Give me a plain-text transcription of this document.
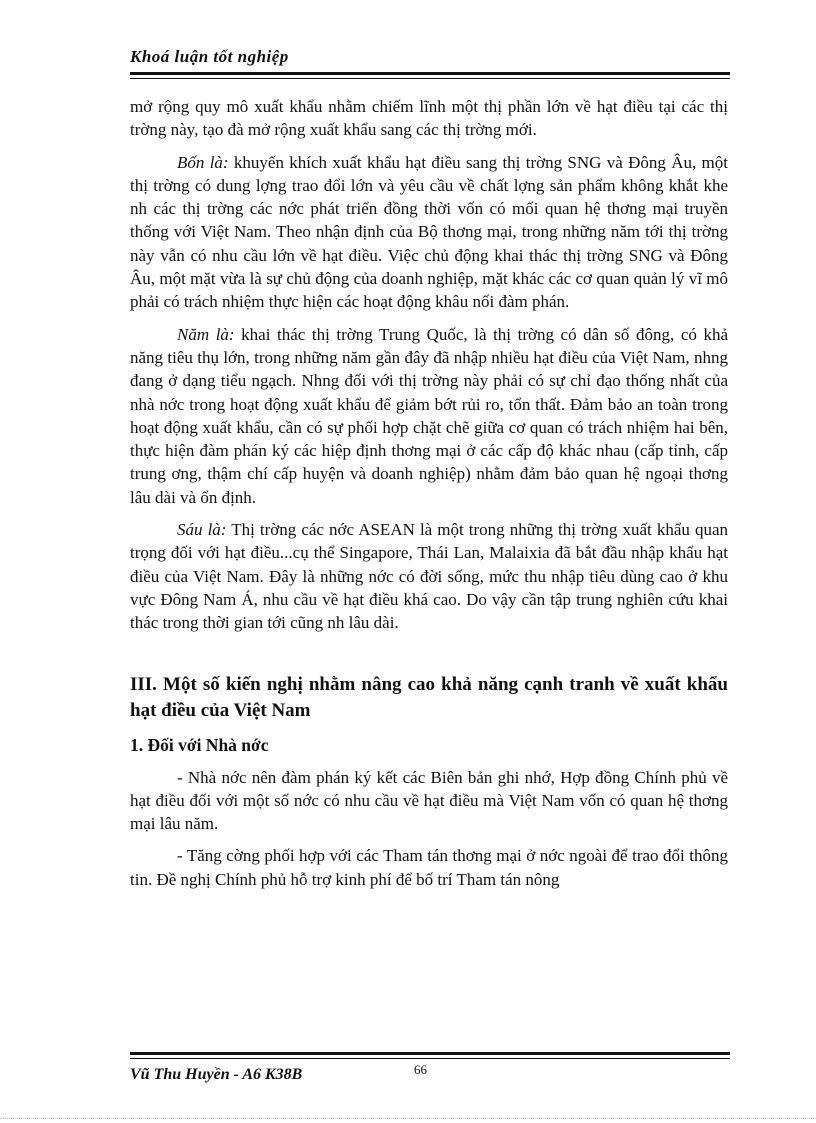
Khoá luận tốt nghiệp

mở rộng quy mô xuất khẩu nhằm chiếm lĩnh một thị phần lớn về hạt điều tại các thị trờng này, tạo đà mở rộng xuất khẩu sang các thị trờng mới.

Bốn là: khuyến khích xuất khẩu hạt điều sang thị trờng SNG và Đông Âu, một thị trờng có dung lợng trao đổi lớn và yêu cầu về chất lợng sản phẩm không khắt khe nh các thị trờng các nớc phát triển đồng thời vốn có mối quan hệ thơng mại truyền thống với Việt Nam. Theo nhận định của Bộ thơng mại, trong những năm tới thị trờng này vẫn có nhu cầu lớn về hạt điều. Việc chủ động khai thác thị trờng SNG và Đông Âu, một mặt vừa là sự chủ động của doanh nghiệp, mặt khác các cơ quan quản lý vĩ mô phải có trách nhiệm thực hiện các hoạt động khâu nối đàm phán.

Năm là: khai thác thị trờng Trung Quốc, là thị trờng có dân số đông, có khả năng tiêu thụ lớn, trong những năm gần đây đã nhập nhiều hạt điều của Việt Nam, nhng đang ở dạng tiểu ngạch. Nhng đối với thị trờng này phải có sự chỉ đạo thống nhất của nhà nớc trong hoạt động xuất khẩu để giảm bớt rủi ro, tổn thất. Đảm bảo an toàn trong hoạt động xuất khẩu, cần có sự phối hợp chặt chẽ giữa cơ quan có trách nhiệm hai bên, thực hiện đàm phán ký các hiệp định thơng mại ở các cấp độ khác nhau (cấp tỉnh, cấp trung ơng, thậm chí cấp huyện và doanh nghiệp) nhằm đảm bảo quan hệ ngoại thơng lâu dài và ổn định.

Sáu là: Thị trờng các nớc ASEAN là một trong những thị trờng xuất khẩu quan trọng đối với hạt điều...cụ thể Singapore, Thái Lan, Malaixia đã bắt đầu nhập khẩu hạt điều của Việt Nam. Đây là những nớc có đời sống, mức thu nhập tiêu dùng cao ở khu vực Đông Nam Á, nhu cầu về hạt điều khá cao. Do vậy cần tập trung nghiên cứu khai thác trong thời gian tới cũng nh lâu dài.

III. Một số kiến nghị nhằm nâng cao khả năng cạnh tranh về xuất khẩu hạt điều của Việt Nam
1. Đối với Nhà nớc

- Nhà nớc nên đàm phán ký kết các Biên bản ghi nhớ, Hợp đồng Chính phủ về hạt điều đối với một số nớc có nhu cầu về hạt điều mà Việt Nam vốn có quan hệ thơng mại lâu năm.

- Tăng cờng phối hợp với các Tham tán thơng mại ở nớc ngoài để trao đổi thông tin. Đề nghị Chính phủ hỗ trợ kinh phí để bố trí Tham tán nông

Vũ Thu Huyền - A6 K38B	66
